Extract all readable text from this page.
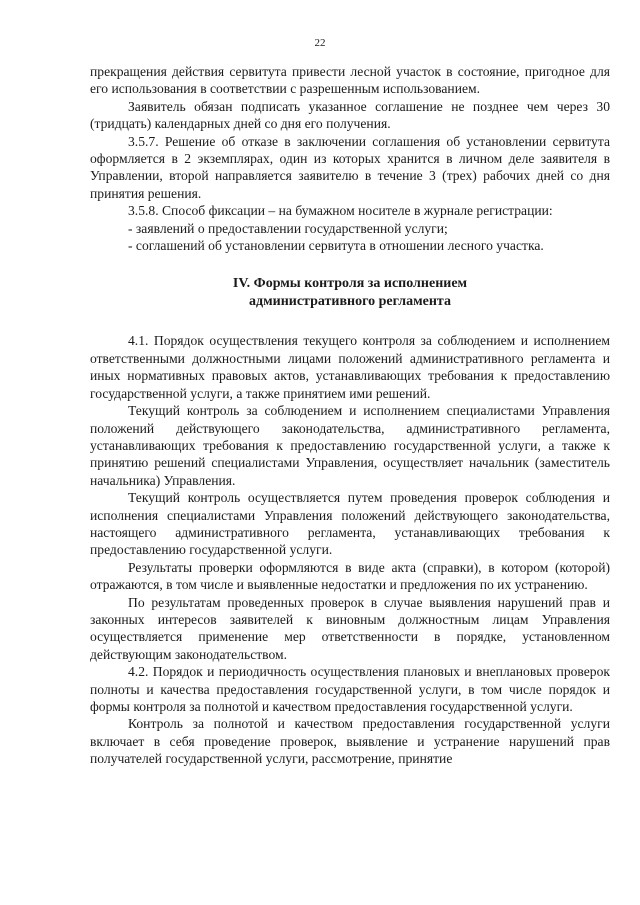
22

прекращения действия сервитута привести лесной участок в состояние, пригодное для его использования в соответствии с разрешенным использованием.

Заявитель обязан подписать указанное соглашение не позднее чем через 30 (тридцать) календарных дней со дня его получения.

3.5.7. Решение об отказе в заключении соглашения об установлении сервитута оформляется в 2 экземплярах, один из которых хранится в личном деле заявителя в Управлении, второй направляется заявителю в течение 3 (трех) рабочих дней со дня принятия решения.

3.5.8. Способ фиксации – на бумажном носителе в журнале регистрации:

- заявлений о предоставлении государственной услуги;

- соглашений об установлении сервитута в отношении лесного участка.

IV. Формы контроля за исполнением
административного регламента

4.1. Порядок осуществления текущего контроля за соблюдением и исполнением ответственными должностными лицами положений административного регламента и иных нормативных правовых актов, устанавливающих требования к предоставлению государственной услуги, а также принятием ими решений.

Текущий контроль за соблюдением и исполнением специалистами Управления положений действующего законодательства, административного регламента, устанавливающих требования к предоставлению государственной услуги, а также к принятию решений специалистами Управления, осуществляет начальник (заместитель начальника) Управления.

Текущий контроль осуществляется путем проведения проверок соблюдения и исполнения специалистами Управления положений действующего законодательства, настоящего административного регламента, устанавливающих требования к предоставлению государственной услуги.

Результаты проверки оформляются в виде акта (справки), в котором (которой) отражаются, в том числе и выявленные недостатки и предложения по их устранению.

По результатам проведенных проверок в случае выявления нарушений прав и законных интересов заявителей к виновным должностным лицам Управления осуществляется применение мер ответственности в порядке, установленном действующим законодательством.

4.2. Порядок и периодичность осуществления плановых и внеплановых проверок полноты и качества предоставления государственной услуги, в том числе порядок и формы контроля за полнотой и качеством предоставления государственной услуги.

Контроль за полнотой и качеством предоставления государственной услуги включает в себя проведение проверок, выявление и устранение нарушений прав получателей государственной услуги, рассмотрение, принятие
